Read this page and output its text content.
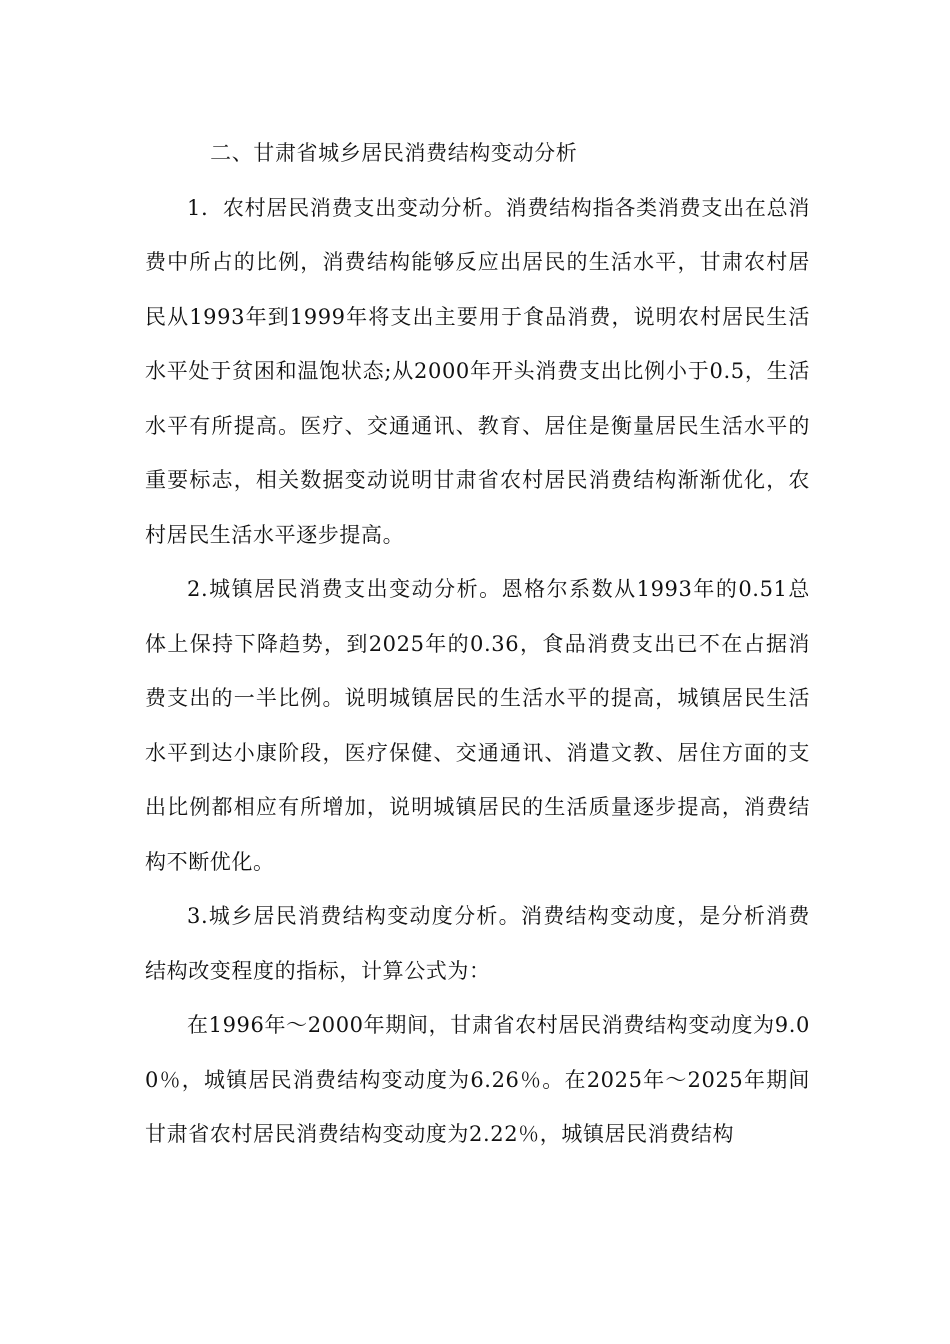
二、甘肃省城乡居民消费结构变动分析

1．农村居民消费支出变动分析。消费结构指各类消费支出在总消费中所占的比例，消费结构能够反应出居民的生活水平，甘肃农村居民从1993年到1999年将支出主要用于食品消费，说明农村居民生活水平处于贫困和温饱状态;从2000年开头消费支出比例小于0.5，生活水平有所提高。医疗、交通通讯、教育、居住是衡量居民生活水平的重要标志，相关数据变动说明甘肃省农村居民消费结构渐渐优化，农村居民生活水平逐步提高。

2.城镇居民消费支出变动分析。恩格尔系数从1993年的0.51总体上保持下降趋势，到2025年的0.36，食品消费支出已不在占据消费支出的一半比例。说明城镇居民的生活水平的提高，城镇居民生活水平到达小康阶段，医疗保健、交通通讯、消遣文教、居住方面的支出比例都相应有所增加，说明城镇居民的生活质量逐步提高，消费结构不断优化。

3.城乡居民消费结构变动度分析。消费结构变动度，是分析消费结构改变程度的指标，计算公式为：

在1996年～2000年期间，甘肃省农村居民消费结构变动度为9.00％，城镇居民消费结构变动度为6.26％。在2025年～2025年期间甘肃省农村居民消费结构变动度为2.22％，城镇居民消费结构
